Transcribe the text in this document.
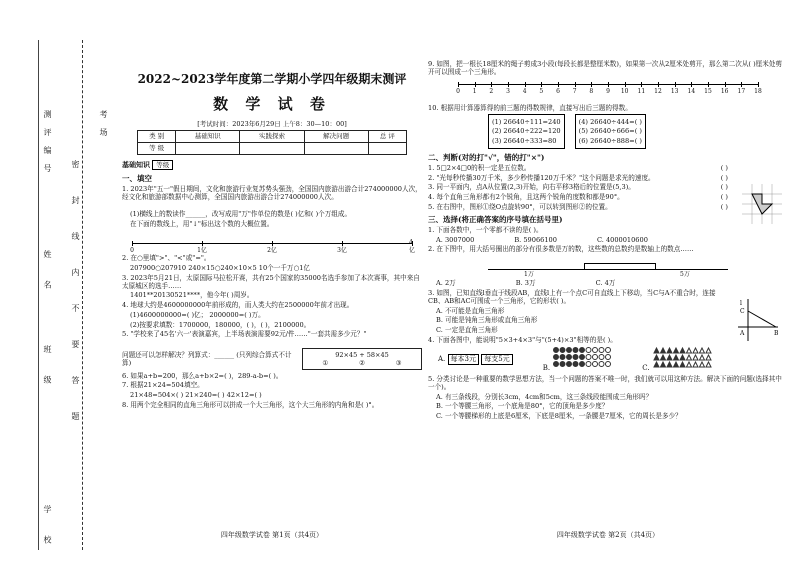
学 校
班 级
姓 名
测评编号	考场
密封线内不要答题
2022~2023学年度第二学期小学四年级期末测评
数 学 试 卷
[考试时间：2023年6月29日 上午8：30—10：00]
类 别	基础知识	实践探索	解决问题	总 评
等 级				
基础知识 等级
一、填空
1. 2023年"五一"假日期间，文化和旅游行业复苏势头强劲，全国国内旅游出游合计274000000人次，经文化和旅游部数据中心测算，全国国内旅游出游合计274000000人次。
(1)横线上的数读作______，改写成用"万"作单位的数是( )亿和( )个万组成。
在下面的数线上，用"↓"标出这个数的大概位置。
0	1亿	2亿	3亿
4亿
2. 在○里填">"、"<"或"="。
207900○207910 240×15○240×10×5 10个一千万○1亿
3. 2023年5月21日，太原国际马拉松开赛，共有25个国家的35000名选手参加了本次赛事，其中来自太原城区的选手……
1401**20130521****，他今年( )周岁。
4. 地球大约是4600000000年前形成的，而人类大约在2500000年前才出现。
(1)4600000000=( )亿； 2000000=( )万。
(2)按要求填数：1700000，180000，( )，( )，2100000。
5. "学校来了45名'六一'表演嘉宾，上半场表演需要92元/件……"一套共需多少元？"
问题还可以怎样解决？列算式：______ (只列综合算式不计算)
92×45 + 58×45
①	②	③
6. 如果a+b=200，那么a+b×2=( )，289-a-b=( )。
7. 根据21×24=504填空。
21×48=504×( ) 21×240=( ) 42×12=( )
8. 用两个完全相同的直角三角形可以拼成一个大三角形，这个大三角形的内角和是( )°。
四年级数学试卷 第1页（共4页）
9. 如图，把一根长18厘米的绳子剪成3小段(每段长都是整厘米数)，如果第一次从2厘米处剪开，那么第二次从( )厘米处剪开可以围成一个三角形。
0 1 2 3 4 5 6 7 8 9 10 11 12 13 14 15 16 17 18
10. 根据用计算器算得的前三题的得数规律，直接写出后三题的得数。
(1) 26640÷111=240
(2) 26640÷222=120
(3) 26640÷333=80
(4) 26640÷444=( )
(5) 26640÷666=( )
(6) 26640÷888=( )
二、判断(对的打"√"，错的打"×")
1. 5□2×4□0的积一定是五位数。	( )
2. "光每秒传播30万千米，多少秒传播120万千米？"这个问题是求光的速度。	( )
3. 同一平面内，点A从位置(2,3)开始，向右平移3格后的位置是(5,3)。	( )
4. 每个直角三角形都有2个锐角，且这两个锐角的度数和都是90°。	( )
5. 在右图中，图形①绕O点旋转90°，可以转到图形②的位置。	( )
三、选择(将正确答案的序号填在括号里)
1. 下面各数中，一个零都不读的是( )。
A. 3007000	B. 59066100	C. 4000010600
2. 在下图中，用大括号圈出的部分有很多数是万的数，这些数的总数约是数轴上的数点……
1万	5万
A. 2万	B. 3万	C. 4万
3. 如图，已知直线l垂直于线段AB，直线l上有一个点C可自直线上下移动，当C与A不重合时，连接CB、AB和AC可围成一个三角形，它的形状( )。
A. 不可能是直角三角形
B. 可能是钝角三角形或直角三角形
C. 一定是直角三角形
l
C
A	B
4. 下面各图中，能说明"5×3+4×3"与"(5+4)×3"相等的是( )。
A. 每本3元 每支5元
B.	C.
5. 分类讨论是一种重要的数学思想方法，当一个问题的答案不唯一时，我们就可以用这种方法。解决下面的问题(选择其中一个)。
A. 有三条线段，分别长3cm，4cm和5cm，这三条线段能围成三角形吗？
B. 一个等腰三角形，一个底角是80°，它的顶角是多少度？
C. 一个等腰梯形的上底是6厘米，下底是8厘米，一条腰是7厘米，它的周长是多少？
四年级数学试卷 第2页（共4页）
